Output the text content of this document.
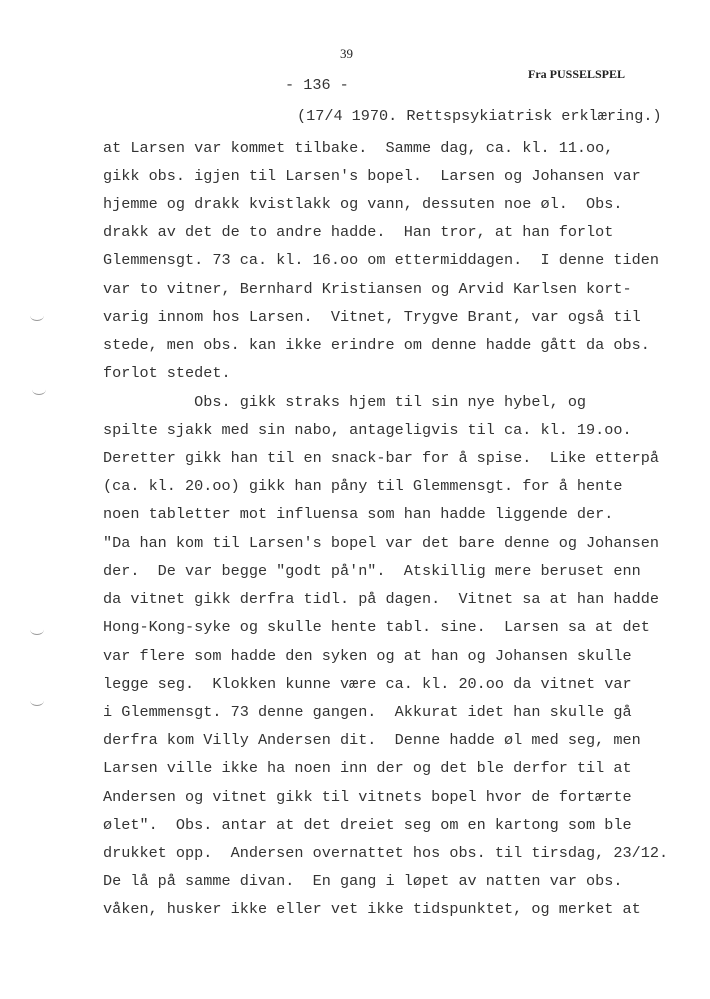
39
Fra PUSSELSPEL
- 136 -
(17/4 1970. Rettspsykiatrisk erklæring.)
at Larsen var kommet tilbake.  Samme dag, ca. kl. 11.oo,
gikk obs. igjen til Larsen's bopel.  Larsen og Johansen var
hjemme og drakk kvistlakk og vann, dessuten noe øl.  Obs.
drakk av det de to andre hadde.  Han tror, at han forlot
Glemmensgt. 73 ca. kl. 16.oo om ettermiddagen.  I denne tiden
var to vitner, Bernhard Kristiansen og Arvid Karlsen kort-
varig innom hos Larsen.  Vitnet, Trygve Brant, var også til
stede, men obs. kan ikke erindre om denne hadde gått da obs.
forlot stedet.
Obs. gikk straks hjem til sin nye hybel, og
spilte sjakk med sin nabo, antageligvis til ca. kl. 19.oo.
Deretter gikk han til en snack-bar for å spise.  Like etterpå
(ca. kl. 20.oo) gikk han påny til Glemmensgt. for å hente
noen tabletter mot influensa som han hadde liggende der.
"Da han kom til Larsen's bopel var det bare denne og Johansen
der.  De var begge "godt på'n".  Atskillig mere beruset enn
da vitnet gikk derfra tidl. på dagen.  Vitnet sa at han hadde
Hong-Kong-syke og skulle hente tabl. sine.  Larsen sa at det
var flere som hadde den syken og at han og Johansen skulle
legge seg.  Klokken kunne være ca. kl. 20.oo da vitnet var
i Glemmensgt. 73 denne gangen.  Akkurat idet han skulle gå
derfra kom Villy Andersen dit.  Denne hadde øl med seg, men
Larsen ville ikke ha noen inn der og det ble derfor til at
Andersen og vitnet gikk til vitnets bopel hvor de fortærte
ølet".  Obs. antar at det dreiet seg om en kartong som ble
drukket opp.  Andersen overnattet hos obs. til tirsdag, 23/12.
De lå på samme divan.  En gang i løpet av natten var obs.
våken, husker ikke eller vet ikke tidspunktet, og merket at
